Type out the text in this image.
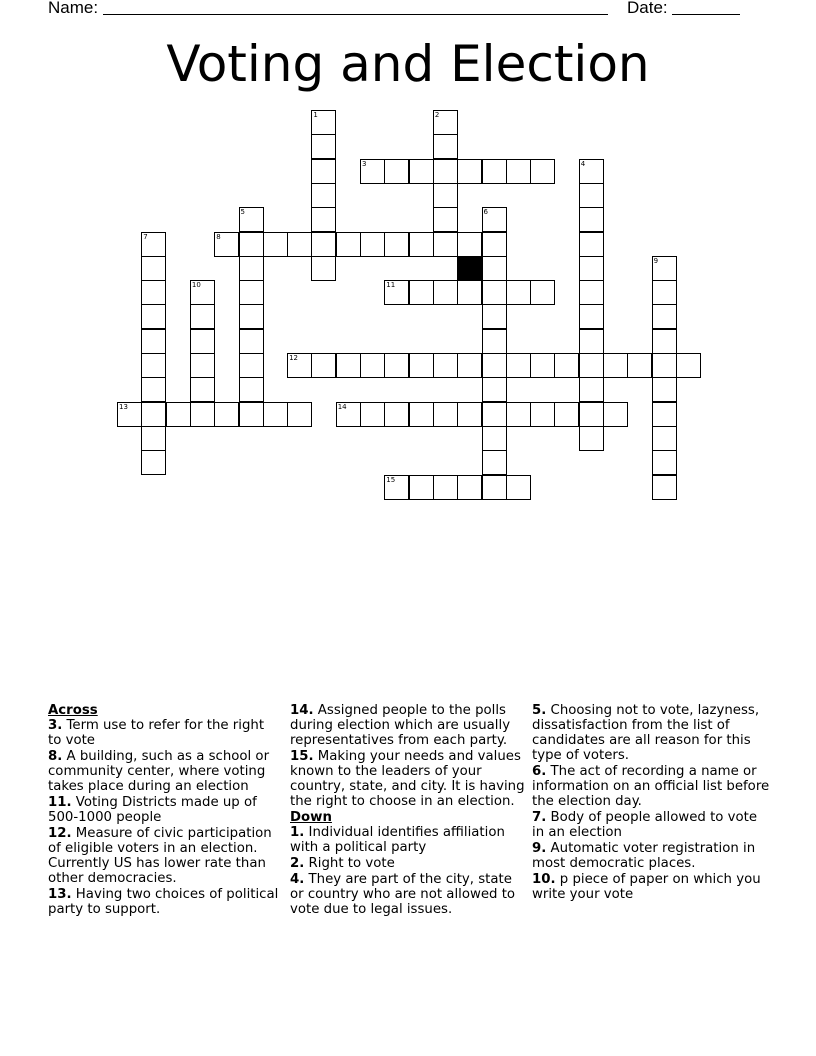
Name:	Date:
Voting and Election
1	2
3	4
5	6
7	8
9
10	11
12
13	14
15
Across
3. Term use to refer for the right to vote
8. A building, such as a school or community center, where voting takes place during an election
11. Voting Districts made up of 500-1000 people
12. Measure of civic participation of eligible voters in an election. Currently US has lower rate than other democracies.
13. Having two choices of political party to support.
14. Assigned people to the polls during election which are usually representatives from each party.
15. Making your needs and values known to the leaders of your country, state, and city. It is having the right to choose in an election.
Down
1. Individual identifies affiliation with a political party
2. Right to vote
4. They are part of the city, state or country who are not allowed to vote due to legal issues.
5. Choosing not to vote, lazyness, dissatisfaction from the list of candidates are all reason for this type of voters.
6. The act of recording a name or information on an official list before the election day.
7. Body of people allowed to vote in an election
9. Automatic voter registration in most democratic places.
10. p piece of paper on which you write your vote
